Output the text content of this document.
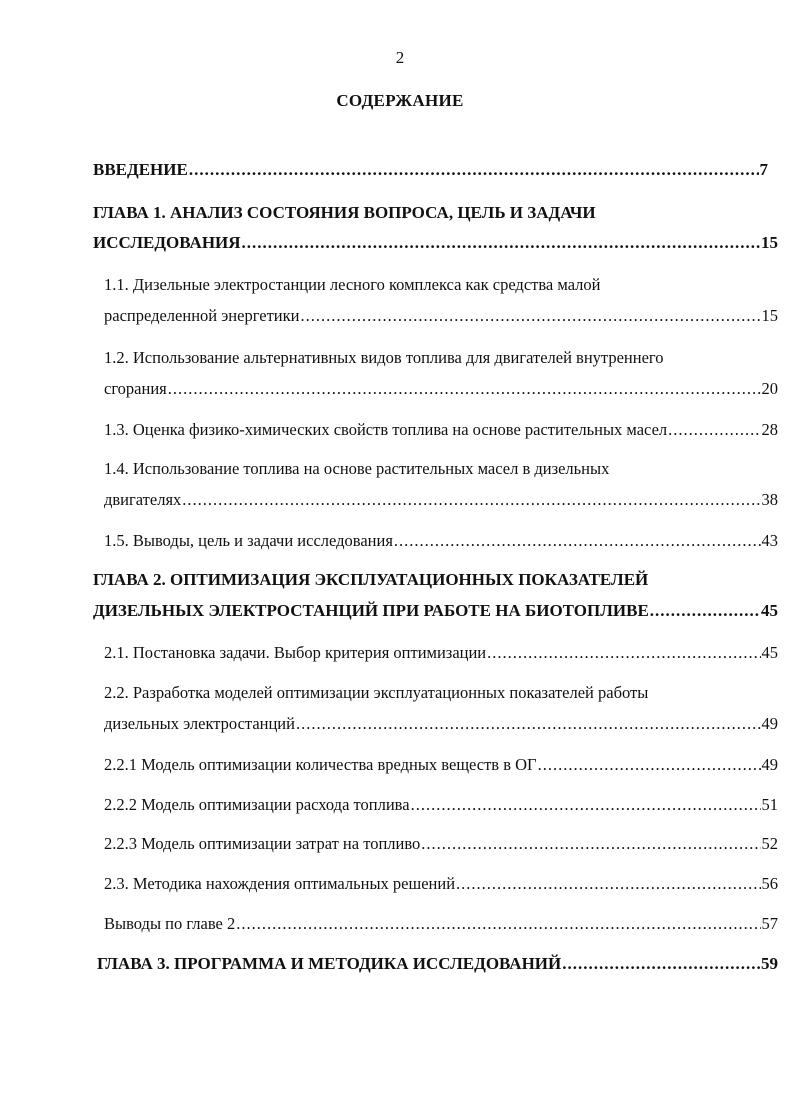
2
СОДЕРЖАНИЕ
ВВЕДЕНИЕ .....	7
ГЛАВА 1. АНАЛИЗ СОСТОЯНИЯ ВОПРОСА, ЦЕЛЬ И ЗАДАЧИ
ИССЛЕДОВАНИЯ .....	15
1.1. Дизельные электростанции лесного комплекса как средства малой
распределенной энергетики .....	15
1.2. Использование альтернативных видов топлива для двигателей внутреннего
сгорания .....	20
1.3. Оценка физико-химических свойств топлива на основе растительных масел .....	28
1.4. Использование топлива на основе растительных масел в дизельных
двигателях .....	38
1.5. Выводы, цель и задачи исследования .....	43
ГЛАВА 2. ОПТИМИЗАЦИЯ ЭКСПЛУАТАЦИОННЫХ ПОКАЗАТЕЛЕЙ
ДИЗЕЛЬНЫХ ЭЛЕКТРОСТАНЦИЙ ПРИ РАБОТЕ НА БИОТОПЛИВЕ .....	45
2.1. Постановка задачи. Выбор критерия оптимизации .....	45
2.2. Разработка моделей оптимизации эксплуатационных показателей работы
дизельных электростанций .....	49
2.2.1 Модель оптимизации количества вредных веществ в ОГ .....	49
2.2.2 Модель оптимизации расхода топлива .....	51
2.2.3 Модель оптимизации затрат на топливо .....	52
2.3. Методика нахождения оптимальных решений .....	56
Выводы по главе 2 .....	57
ГЛАВА 3. ПРОГРАММА И МЕТОДИКА ИССЛЕДОВАНИЙ .....	59
